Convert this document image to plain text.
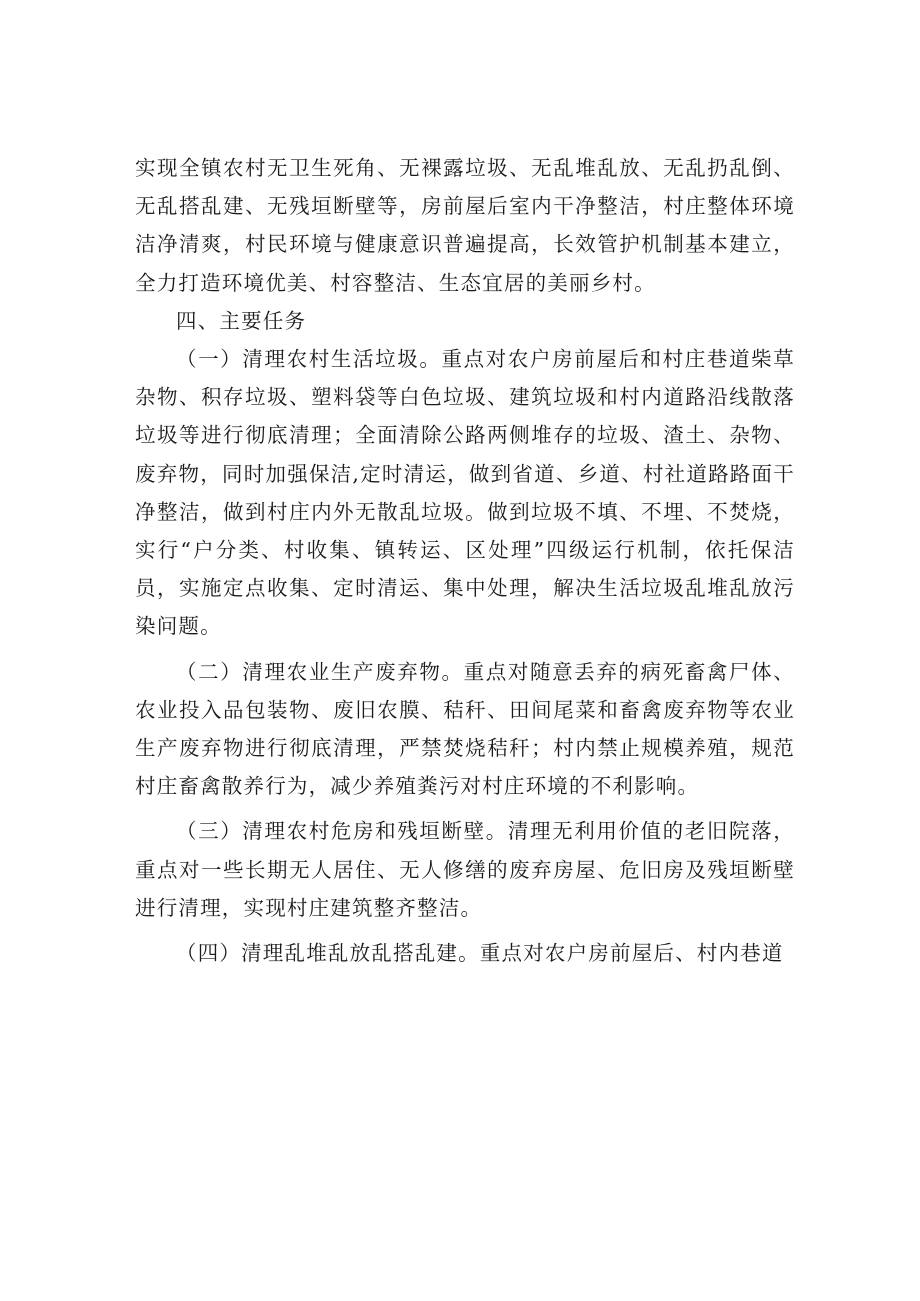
实现全镇农村无卫生死角、无裸露垃圾、无乱堆乱放、无乱扔乱倒、无乱搭乱建、无残垣断壁等，房前屋后室内干净整洁，村庄整体环境洁净清爽，村民环境与健康意识普遍提高，长效管护机制基本建立，全力打造环境优美、村容整洁、生态宜居的美丽乡村。

四、主要任务

（一）清理农村生活垃圾。重点对农户房前屋后和村庄巷道柴草杂物、积存垃圾、塑料袋等白色垃圾、建筑垃圾和村内道路沿线散落垃圾等进行彻底清理；全面清除公路两侧堆存的垃圾、渣土、杂物、废弃物，同时加强保洁,定时清运，做到省道、乡道、村社道路路面干净整洁，做到村庄内外无散乱垃圾。做到垃圾不填、不埋、不焚烧，实行“户分类、村收集、镇转运、区处理”四级运行机制，依托保洁员，实施定点收集、定时清运、集中处理，解决生活垃圾乱堆乱放污染问题。

（二）清理农业生产废弃物。重点对随意丢弃的病死畜禽尸体、农业投入品包装物、废旧农膜、秸秆、田间尾菜和畜禽废弃物等农业生产废弃物进行彻底清理，严禁焚烧秸秆；村内禁止规模养殖，规范村庄畜禽散养行为，减少养殖粪污对村庄环境的不利影响。

（三）清理农村危房和残垣断壁。清理无利用价值的老旧院落，重点对一些长期无人居住、无人修缮的废弃房屋、危旧房及残垣断壁进行清理，实现村庄建筑整齐整洁。

（四）清理乱堆乱放乱搭乱建。重点对农户房前屋后、村内巷道
